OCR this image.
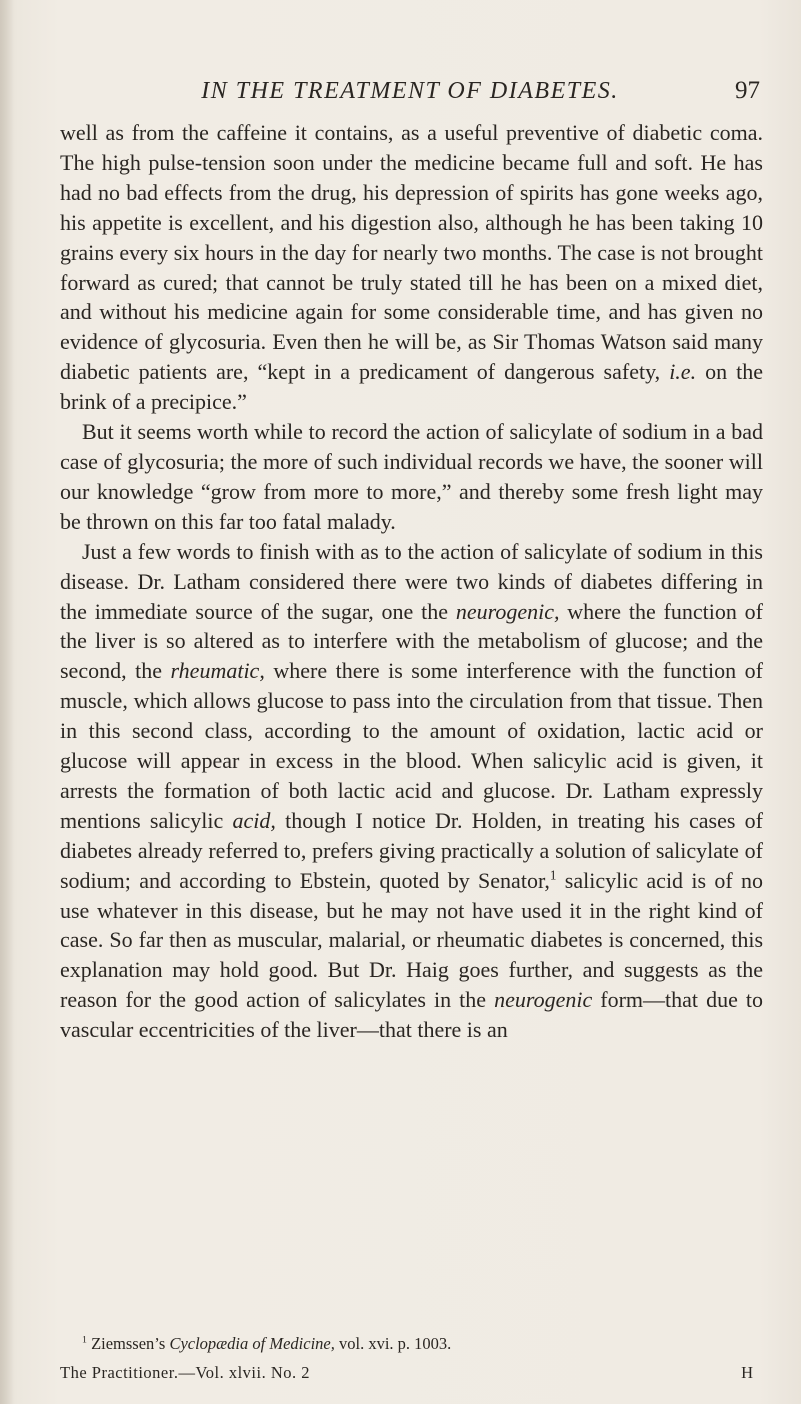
IN THE TREATMENT OF DIABETES.	97

well as from the caffeine it contains, as a useful preventive of diabetic coma. The high pulse-tension soon under the medicine became full and soft. He has had no bad effects from the drug, his depression of spirits has gone weeks ago, his appetite is excellent, and his digestion also, although he has been taking 10 grains every six hours in the day for nearly two months. The case is not brought forward as cured; that cannot be truly stated till he has been on a mixed diet, and without his medicine again for some considerable time, and has given no evidence of glycosuria. Even then he will be, as Sir Thomas Watson said many diabetic patients are, “kept in a predicament of dangerous safety, i.e. on the brink of a precipice.”

But it seems worth while to record the action of salicylate of sodium in a bad case of glycosuria; the more of such individual records we have, the sooner will our knowledge “grow from more to more,” and thereby some fresh light may be thrown on this far too fatal malady.

Just a few words to finish with as to the action of salicylate of sodium in this disease. Dr. Latham considered there were two kinds of diabetes differing in the immediate source of the sugar, one the neurogenic, where the function of the liver is so altered as to interfere with the metabolism of glucose; and the second, the rheumatic, where there is some interference with the function of muscle, which allows glucose to pass into the circulation from that tissue. Then in this second class, according to the amount of oxidation, lactic acid or glucose will appear in excess in the blood. When salicylic acid is given, it arrests the formation of both lactic acid and glucose. Dr. Latham expressly mentions salicylic acid, though I notice Dr. Holden, in treating his cases of diabetes already referred to, prefers giving practically a solution of salicylate of sodium; and according to Ebstein, quoted by Senator,$^1$ salicylic acid is of no use whatever in this disease, but he may not have used it in the right kind of case. So far then as muscular, malarial, or rheumatic diabetes is concerned, this explanation may hold good. But Dr. Haig goes further, and suggests as the reason for the good action of salicylates in the neurogenic form—that due to vascular eccentricities of the liver—that there is an

$^1$ Ziemssen’s Cyclopædia of Medicine, vol. xvi. p. 1003.
The Practitioner.—Vol. xlvii. No. 2	H
